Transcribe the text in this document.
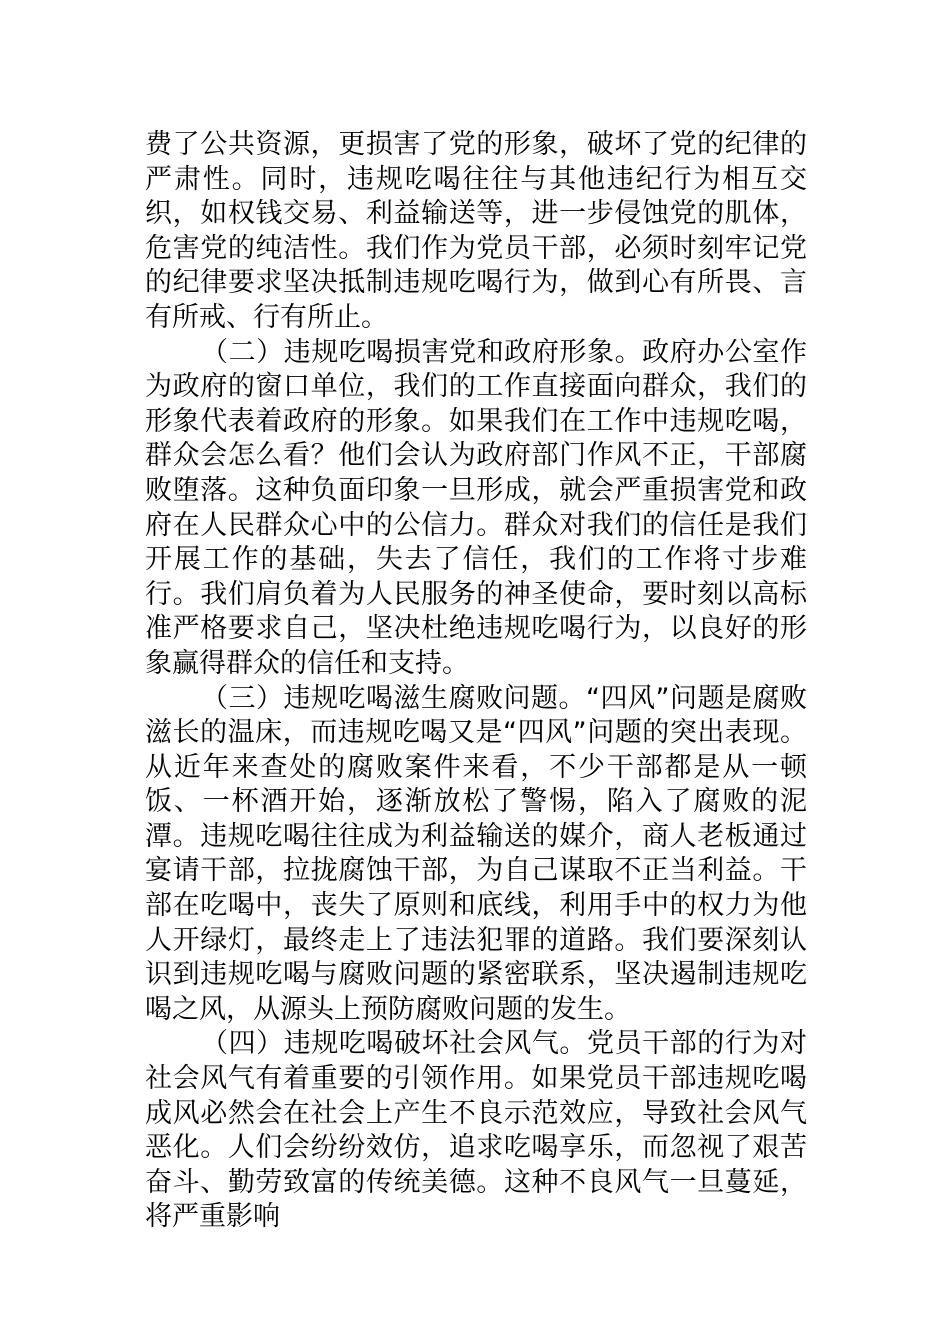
费了公共资源，更损害了党的形象，破坏了党的纪律的严肃性。同时，违规吃喝往往与其他违纪行为相互交织，如权钱交易、利益输送等，进一步侵蚀党的肌体，危害党的纯洁性。我们作为党员干部，必须时刻牢记党的纪律要求坚决抵制违规吃喝行为，做到心有所畏、言有所戒、行有所止。

（二）违规吃喝损害党和政府形象。政府办公室作为政府的窗口单位，我们的工作直接面向群众，我们的形象代表着政府的形象。如果我们在工作中违规吃喝，群众会怎么看？他们会认为政府部门作风不正，干部腐败堕落。这种负面印象一旦形成，就会严重损害党和政府在人民群众心中的公信力。群众对我们的信任是我们开展工作的基础，失去了信任，我们的工作将寸步难行。我们肩负着为人民服务的神圣使命，要时刻以高标准严格要求自己，坚决杜绝违规吃喝行为，以良好的形象赢得群众的信任和支持。

（三）违规吃喝滋生腐败问题。“四风”问题是腐败滋长的温床，而违规吃喝又是“四风”问题的突出表现。从近年来查处的腐败案件来看，不少干部都是从一顿饭、一杯酒开始，逐渐放松了警惕，陷入了腐败的泥潭。违规吃喝往往成为利益输送的媒介，商人老板通过宴请干部，拉拢腐蚀干部，为自己谋取不正当利益。干部在吃喝中，丧失了原则和底线，利用手中的权力为他人开绿灯，最终走上了违法犯罪的道路。我们要深刻认识到违规吃喝与腐败问题的紧密联系，坚决遏制违规吃喝之风，从源头上预防腐败问题的发生。

（四）违规吃喝破坏社会风气。党员干部的行为对社会风气有着重要的引领作用。如果党员干部违规吃喝成风必然会在社会上产生不良示范效应，导致社会风气恶化。人们会纷纷效仿，追求吃喝享乐，而忽视了艰苦奋斗、勤劳致富的传统美德。这种不良风气一旦蔓延，将严重影响
